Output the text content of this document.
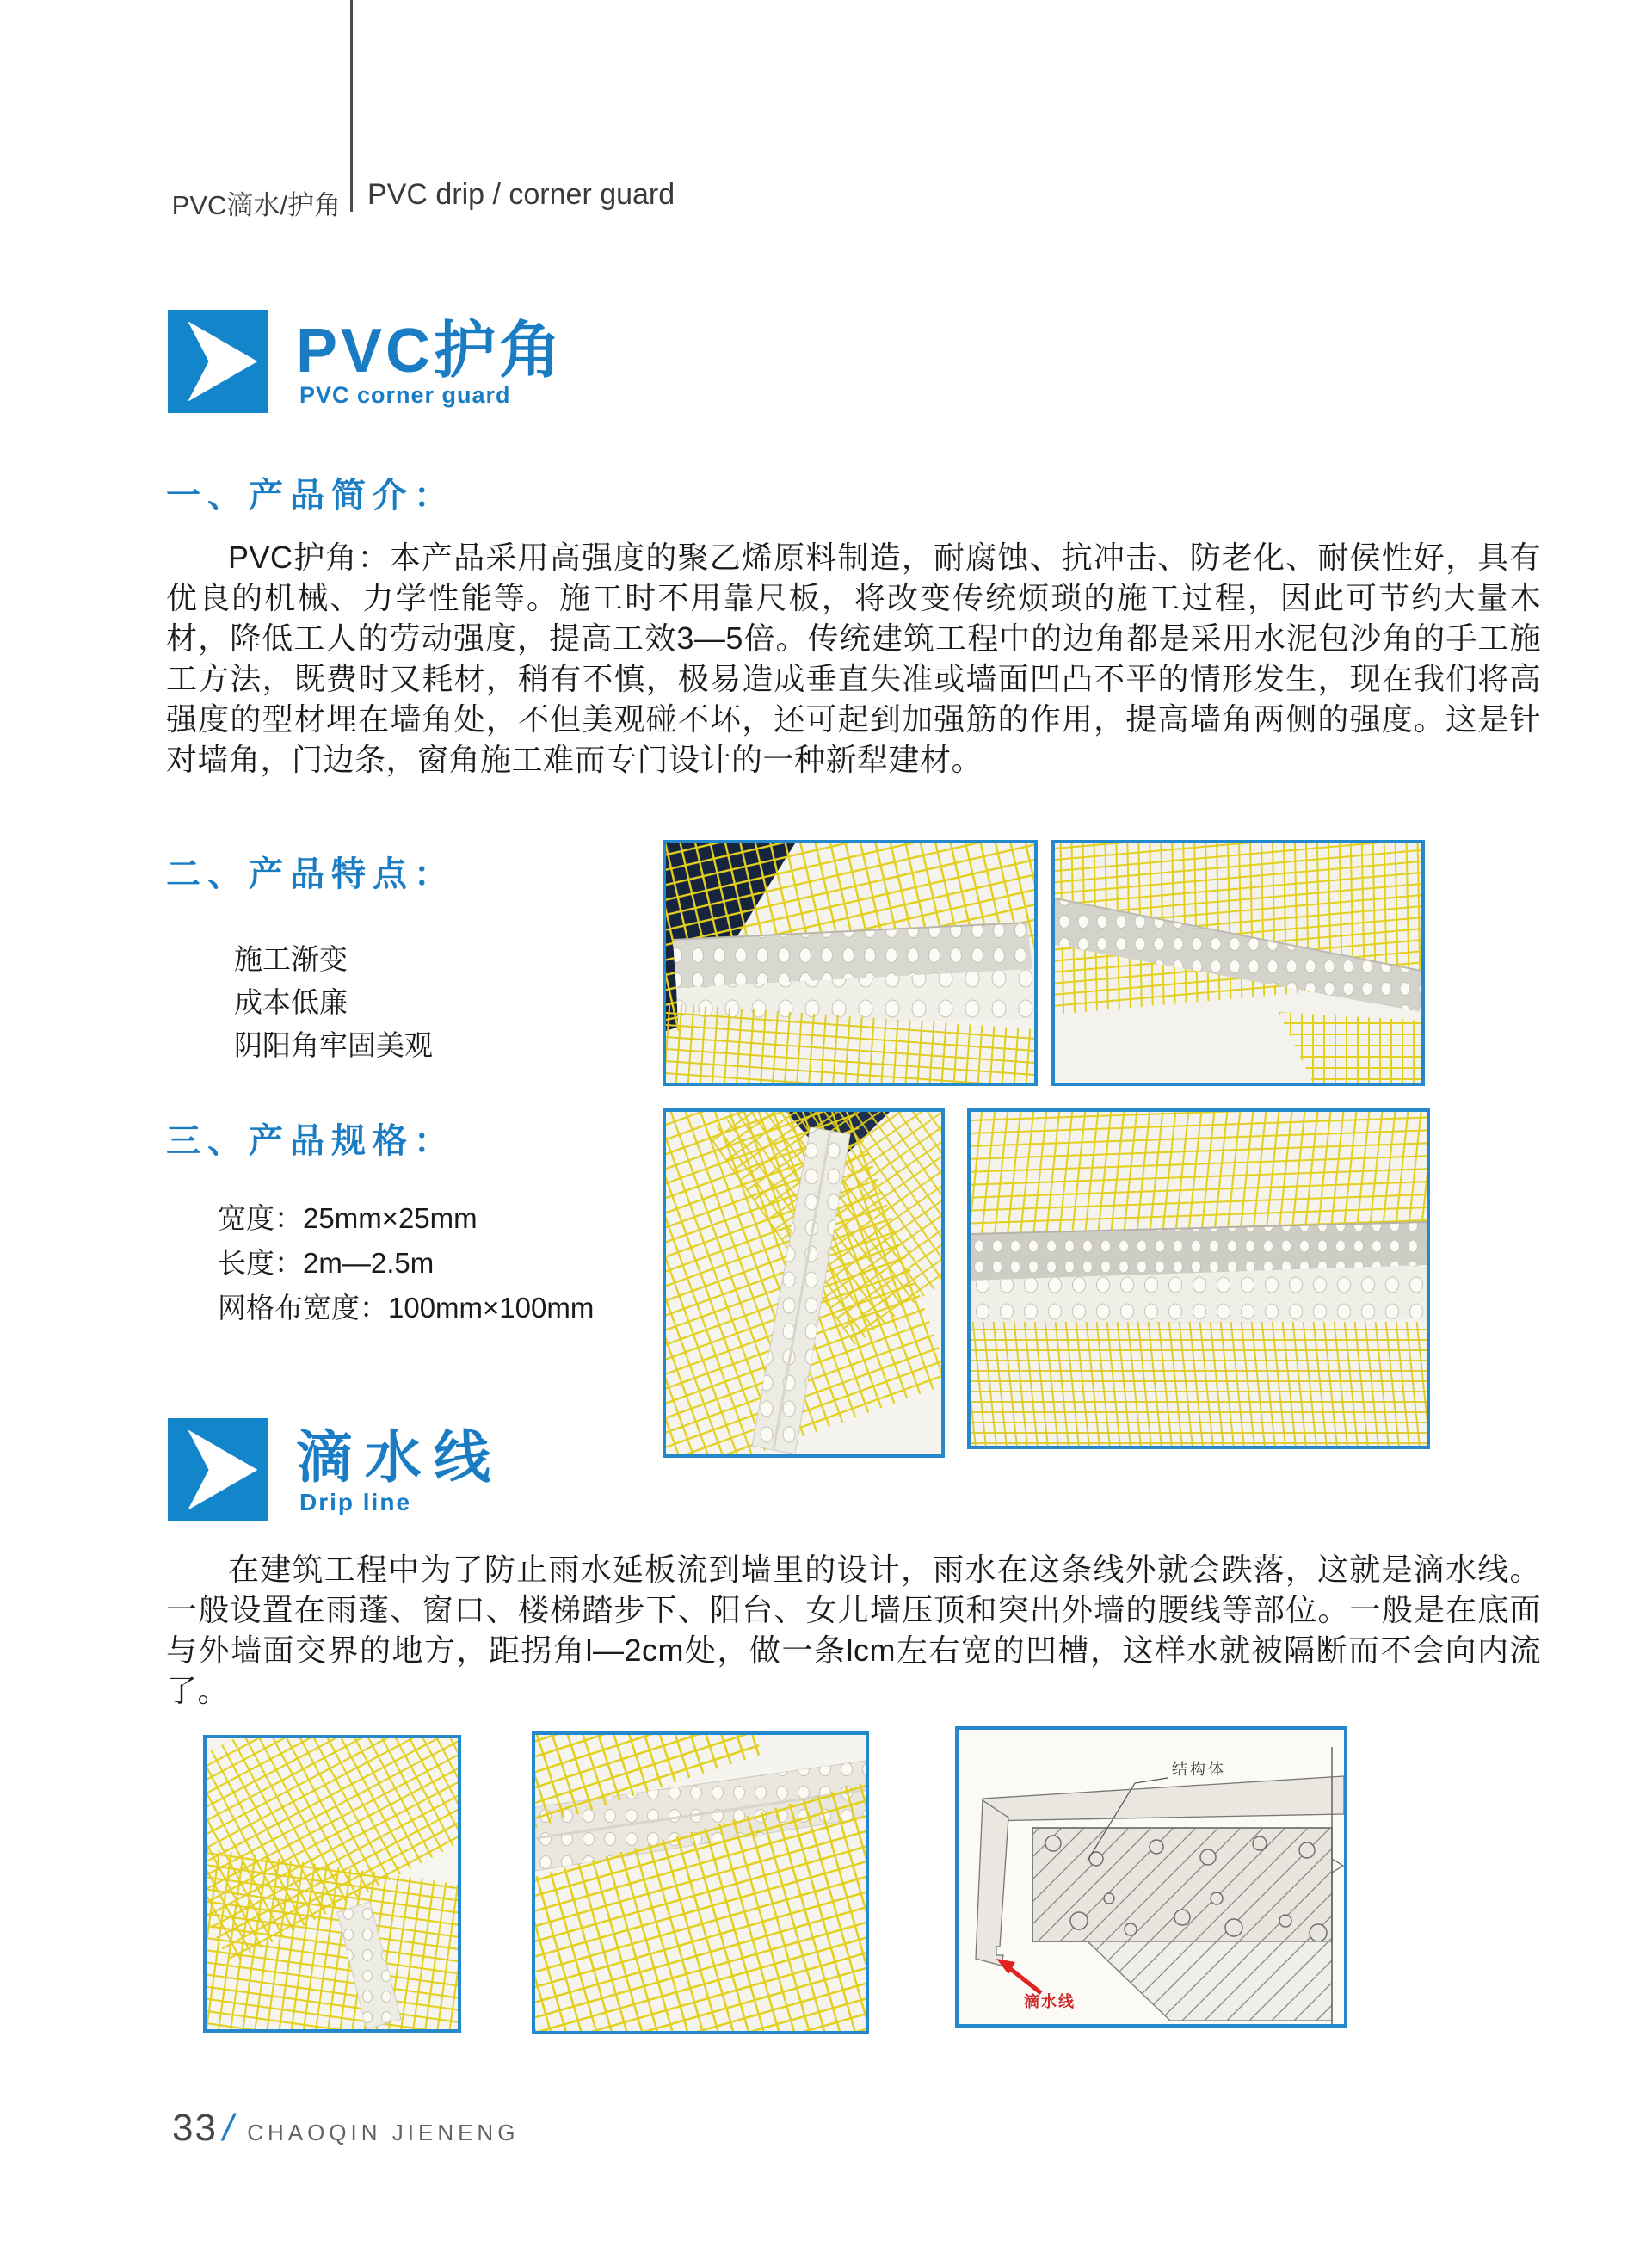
PVC滴水/护角 PVC drip / corner guard
PVC护角
PVC corner guard
一、产品简介：
PVC护角：本产品采用高强度的聚乙烯原料制造，耐腐蚀、抗冲击、防老化、耐侯性好，具有优良的机械、力学性能等。施工时不用靠尺板，将改变传统烦琐的施工过程，因此可节约大量木材，降低工人的劳动强度，提高工效3—5倍。传统建筑工程中的边角都是采用水泥包沙角的手工施工方法，既费时又耗材，稍有不慎，极易造成垂直失准或墙面凹凸不平的情形发生，现在我们将高强度的型材埋在墙角处，不但美观碰不坏，还可起到加强筋的作用，提高墙角两侧的强度。这是针对墙角，门边条，窗角施工难而专门设计的一种新犁建材。
二、产品特点：
施工渐变
成本低廉
阴阳角牢固美观
三、产品规格：
宽度：25mm×25mm
长度：2m—2.5m
网格布宽度：100mm×100mm
滴水线
Drip line
在建筑工程中为了防止雨水延板流到墙里的设计，雨水在这条线外就会跌落，这就是滴水线。一般设置在雨蓬、窗口、楼梯踏步下、阳台、女儿墙压顶和突出外墙的腰线等部位。一般是在底面与外墙面交界的地方，距拐角l—2cm处，做一条lcm左右宽的凹槽，这样水就被隔断而不会向内流了。
结构体
滴水线
33 / CHAOQIN JIENENG
